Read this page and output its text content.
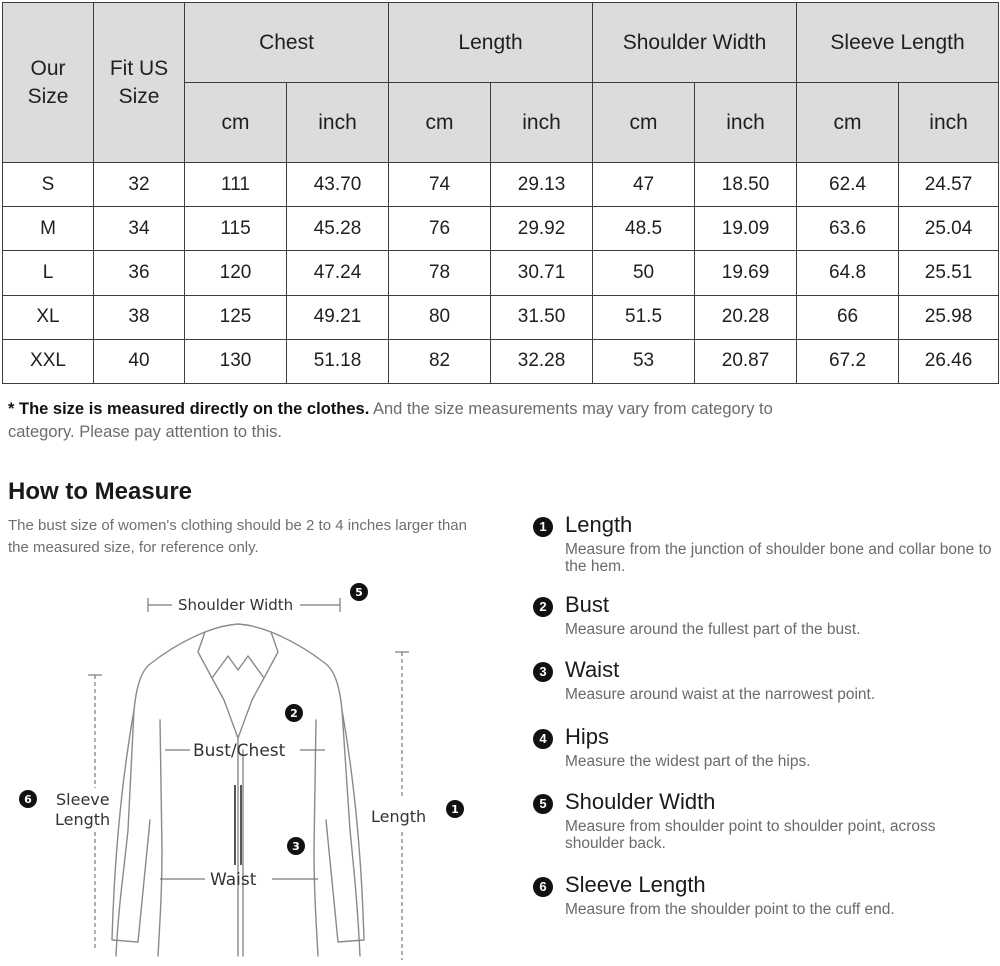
Our Size	Fit US Size	Chest		Length		Shoulder Width		Sleeve Length	
		cm	inch	cm	inch	cm	inch	cm	inch
S	32	111	43.70	74	29.13	47	18.50	62.4	24.57
M	34	115	45.28	76	29.92	48.5	19.09	63.6	25.04
L	36	120	47.24	78	30.71	50	19.69	64.8	25.51
XL	38	125	49.21	80	31.50	51.5	20.28	66	25.98
XXL	40	130	51.18	82	32.28	53	20.87	67.2	26.46
* The size is measured directly on the clothes. And the size measurements may vary from category to category. Please pay attention to this.
How to Measure
The bust size of women's clothing should be 2 to 4 inches larger than the measured size, for reference only.
Shoulder Width
Bust/Chest
Waist
Sleeve
Length	Length
5
2
3
6
1
1 Length
Measure from the junction of shoulder bone and collar bone to the hem.
2 Bust
Measure around the fullest part of the bust.
3 Waist
Measure around waist at the narrowest point.
4 Hips
Measure the widest part of the hips.
5 Shoulder Width
Measure from shoulder point to shoulder point, across shoulder back.
6 Sleeve Length
Measure from the shoulder point to the cuff end.
